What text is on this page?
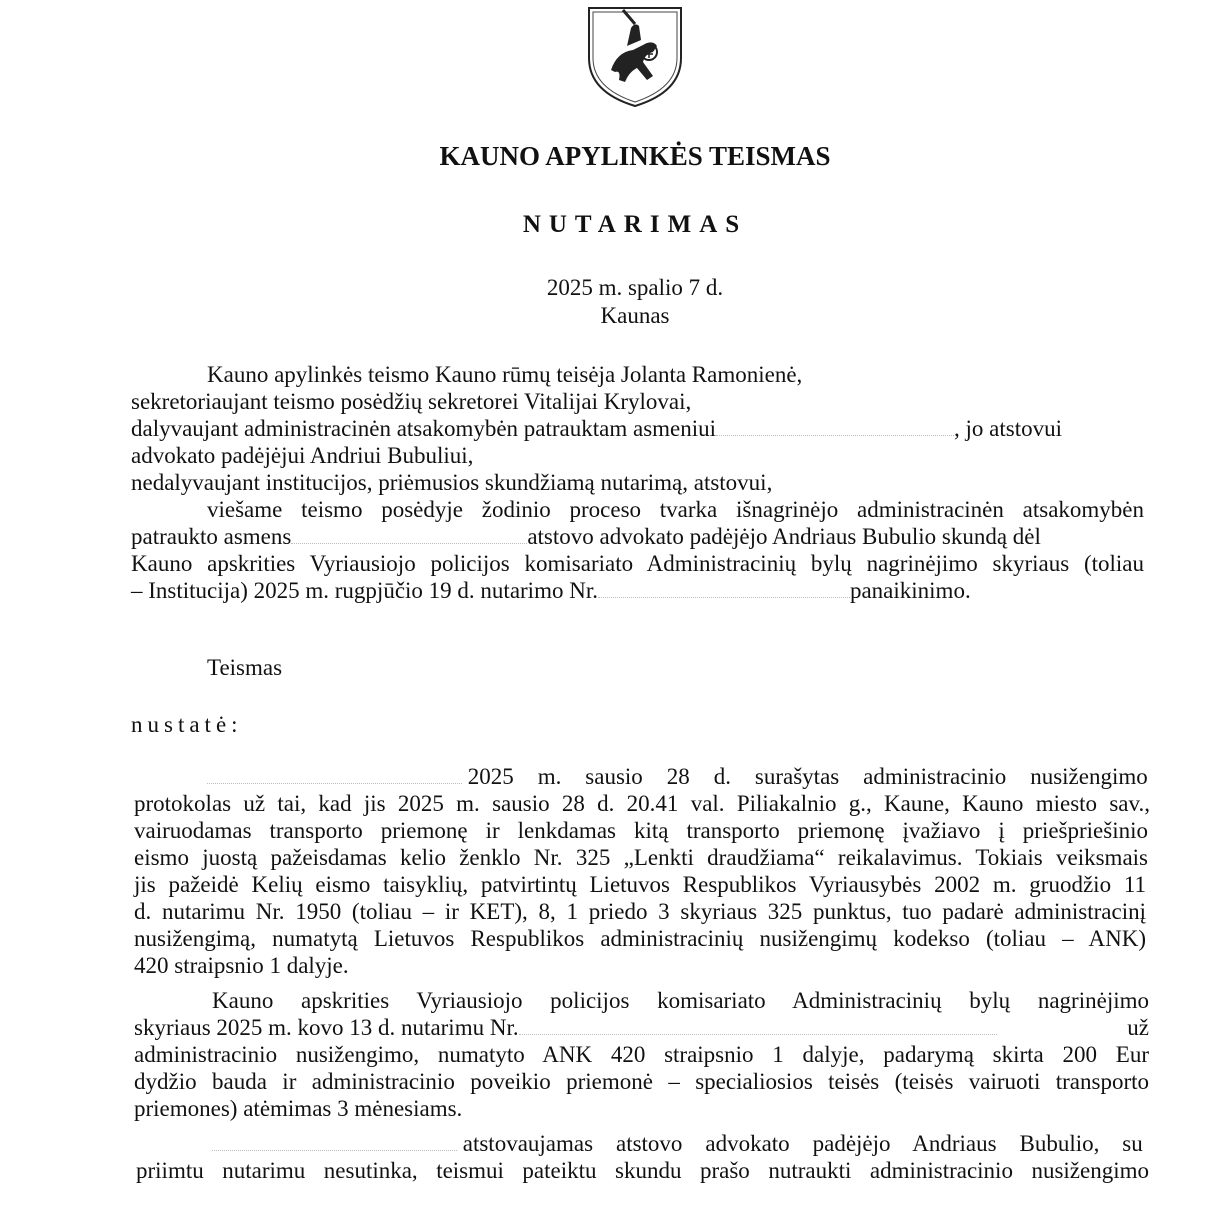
KAUNO APYLINKĖS TEISMAS
NUTARIMAS
2025 m. spalio 7 d.
Kaunas
Kauno apylinkės teismo Kauno rūmų teisėja Jolanta Ramonienė,
sekretoriaujant teismo posėdžių sekretorei Vitalijai Krylovai,
dalyvaujant administracinėn atsakomybėn patrauktam asmeniui	, jo atstovui
advokato padėjėjui Andriui Bubuliui,
nedalyvaujant institucijos, priėmusios skundžiamą nutarimą, atstovui,
viešame teismo posėdyje žodinio proceso tvarka išnagrinėjo administracinėn atsakomybėn
patraukto asmens	atstovo advokato padėjėjo Andriaus Bubulio skundą dėl
Kauno apskrities Vyriausiojo policijos komisariato Administracinių bylų nagrinėjimo skyriaus (toliau
– Institucija) 2025 m. rugpjūčio 19 d. nutarimo Nr.	panaikinimo.
Teismas
nustatė:
2025 m. sausio 28 d. surašytas administracinio nusižengimo
protokolas už tai, kad jis 2025 m. sausio 28 d. 20.41 val. Piliakalnio g., Kaune, Kauno miesto sav.,
vairuodamas transporto priemonę ir lenkdamas kitą transporto priemonę įvažiavo į priešpriešinio
eismo juostą pažeisdamas kelio ženklo Nr. 325 „Lenkti draudžiama“ reikalavimus. Tokiais veiksmais
jis pažeidė Kelių eismo taisyklių, patvirtintų Lietuvos Respublikos Vyriausybės 2002 m. gruodžio 11
d. nutarimu Nr. 1950 (toliau – ir KET), 8, 1 priedo 3 skyriaus 325 punktus, tuo padarė administracinį
nusižengimą, numatytą Lietuvos Respublikos administracinių nusižengimų kodekso (toliau – ANK)
420 straipsnio 1 dalyje.
Kauno apskrities Vyriausiojo policijos komisariato Administracinių bylų nagrinėjimo
skyriaus 2025 m. kovo 13 d. nutarimu Nr.	už
administracinio nusižengimo, numatyto ANK 420 straipsnio 1 dalyje, padarymą skirta 200 Eur
dydžio bauda ir administracinio poveikio priemonė – specialiosios teisės (teisės vairuoti transporto
priemones) atėmimas 3 mėnesiams.
atstovaujamas atstovo advokato padėjėjo Andriaus Bubulio, su
priimtu nutarimu nesutinka, teismui pateiktu skundu prašo nutraukti administracinio nusižengimo
